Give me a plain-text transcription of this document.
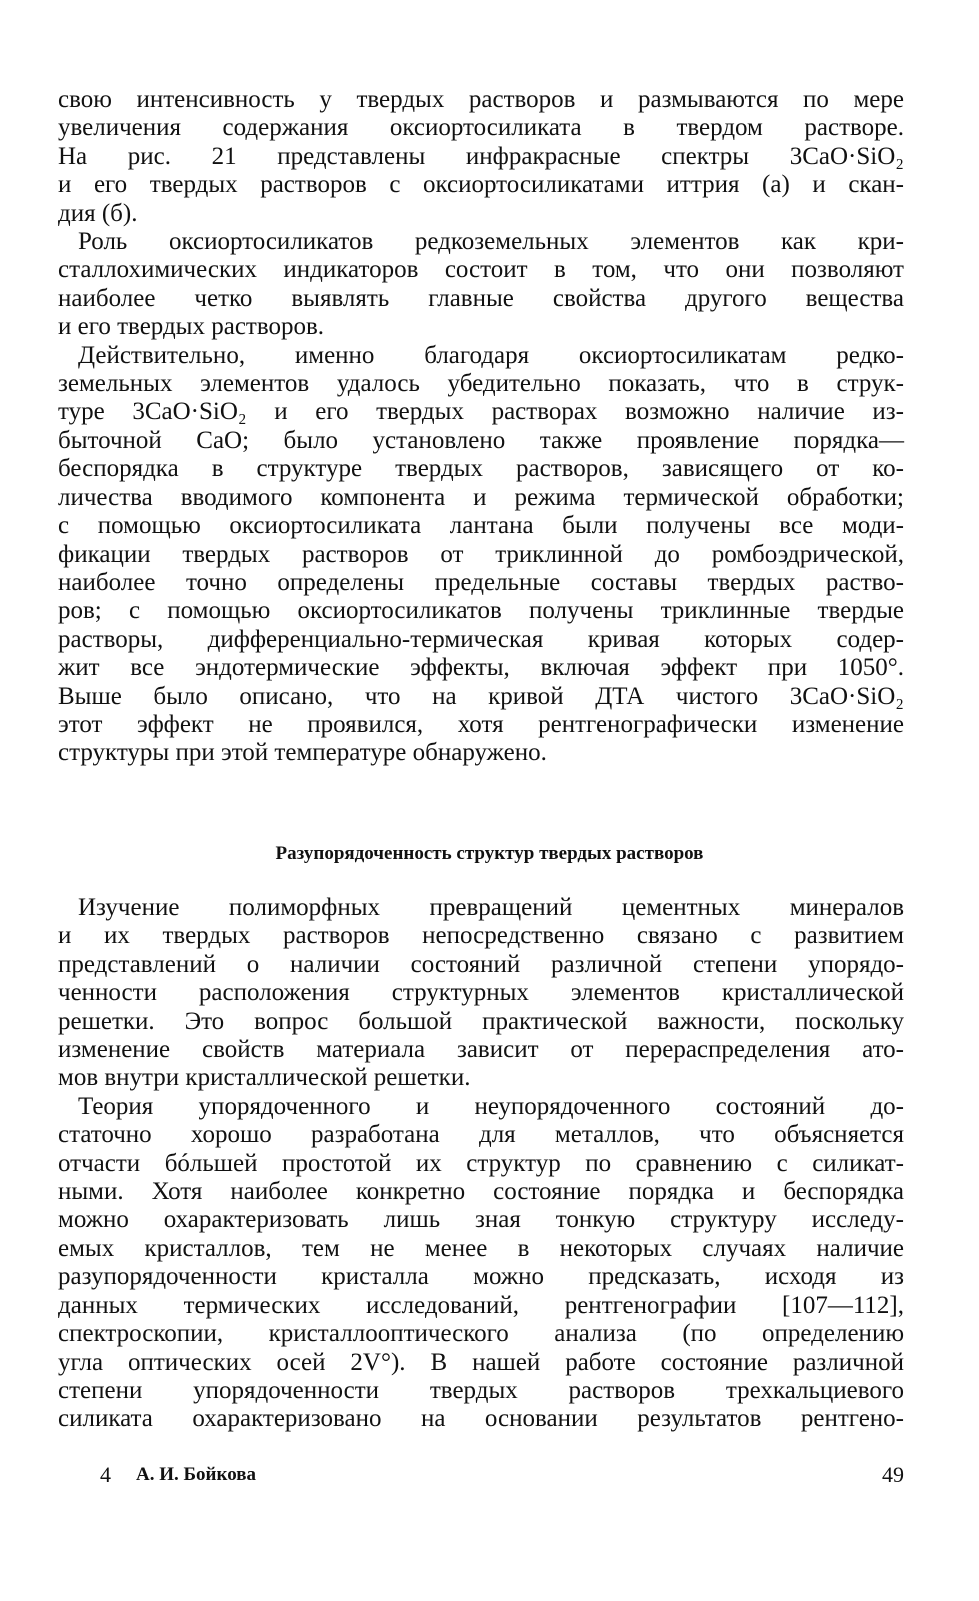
свою интенсивность у твердых растворов и размываются по мере
увеличения содержания оксиортосиликата в твердом растворе.
На рис. 21 представлены инфракрасные спектры 3CaO·SiO₂
и его твердых растворов с оксиортосиликатами иттрия (а) и скан-
дия (б).
Роль оксиортосиликатов редкоземельных элементов как кри-
сталлохимических индикаторов состоит в том, что они позволяют
наиболее четко выявлять главные свойства другого вещества
и его твердых растворов.
Действительно, именно благодаря оксиортосиликатам редко-
земельных элементов удалось убедительно показать, что в струк-
туре 3CaO·SiO₂ и его твердых растворах возможно наличие из-
быточной CaO; было установлено также проявление порядка—
беспорядка в структуре твердых растворов, зависящего от ко-
личества вводимого компонента и режима термической обработки;
с помощью оксиортосиликата лантана были получены все моди-
фикации твердых растворов от триклинной до ромбоэдрической,
наиболее точно определены предельные составы твердых раство-
ров; с помощью оксиортосиликатов получены триклинные твердые
растворы, дифференциально-термическая кривая которых содер-
жит все эндотермические эффекты, включая эффект при 1050°.
Выше было описано, что на кривой ДТА чистого 3CaO·SiO₂
этот эффект не проявился, хотя рентгенографически изменение
структуры при этой температуре обнаружено.
Разупорядоченность структур твердых растворов
Изучение полиморфных превращений цементных минералов
и их твердых растворов непосредственно связано с развитием
представлений о наличии состояний различной степени упорядо-
ченности расположения структурных элементов кристаллической
решетки. Это вопрос большой практической важности, поскольку
изменение свойств материала зависит от перераспределения ато-
мов внутри кристаллической решетки.
Теория упорядоченного и неупорядоченного состояний до-
статочно хорошо разработана для металлов, что объясняется
отчасти бóльшей простотой их структур по сравнению с силикат-
ными. Хотя наиболее конкретно состояние порядка и беспорядка
можно охарактеризовать лишь зная тонкую структуру исследу-
емых кристаллов, тем не менее в некоторых случаях наличие
разупорядоченности кристалла можно предсказать, исходя из
данных термических исследований, рентгенографии [107—112],
спектроскопии, кристаллооптического анализа (по определению
угла оптических осей 2V°). В нашей работе состояние различной
степени упорядоченности твердых растворов трехкальциевого
силиката охарактеризовано на основании результатов рентгено-
4 А. И. Бойкова	49
